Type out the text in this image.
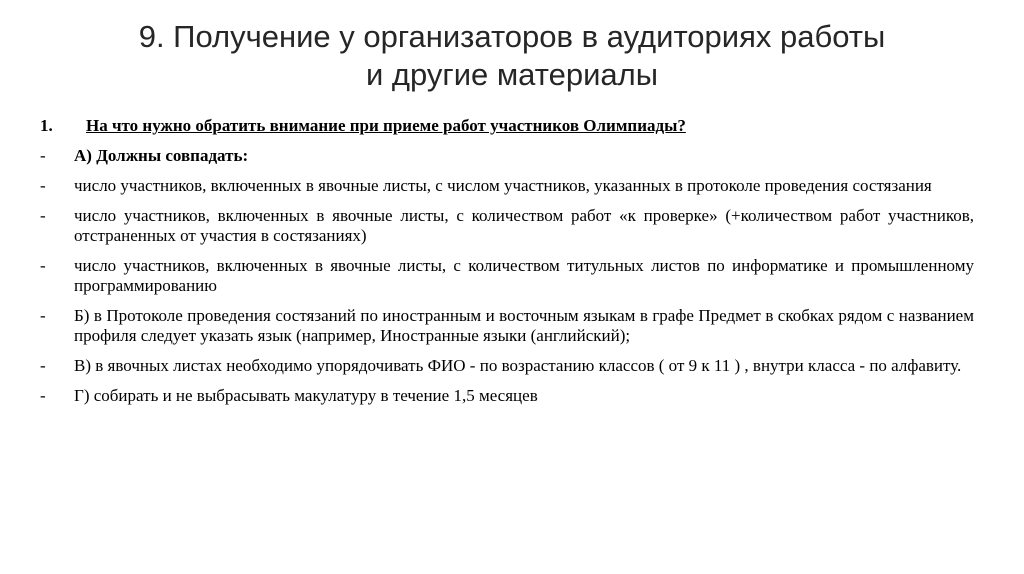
9. Получение у организаторов в аудиториях работы
и другие материалы
1.	На что нужно обратить внимание при приеме работ участников Олимпиады?
-	А) Должны совпадать:
-	число участников, включенных в явочные листы, с числом участников, указанных в протоколе проведения состязания
-	число участников, включенных в явочные листы, с количеством работ «к проверке» (+количеством работ участников, отстраненных от участия в состязаниях)
-	число участников, включенных в явочные листы, с количеством титульных листов по информатике и промышленному программированию
-	Б) в Протоколе проведения состязаний по иностранным и восточным языкам в графе Предмет в скобках рядом с названием профиля следует указать язык (например, Иностранные языки (английский);
-	В) в явочных листах необходимо упорядочивать ФИО - по возрастанию классов ( от 9 к 11 ) , внутри класса - по алфавиту.
-	Г) собирать и не выбрасывать макулатуру в течение 1,5 месяцев
